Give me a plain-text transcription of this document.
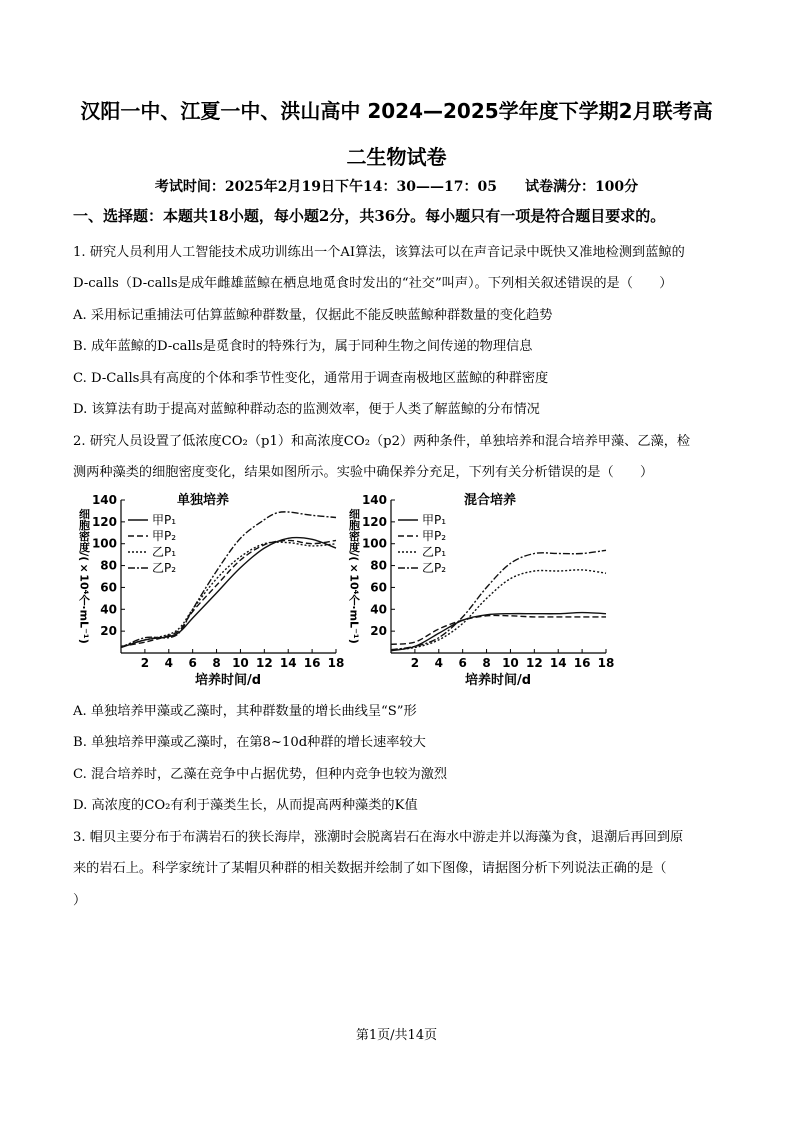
汉阳一中、江夏一中、洪山高中 2024—2025学年度下学期2月联考高
二生物试卷
考试时间：2025年2月19日下午14：30——17：05　　试卷满分：100分
一、选择题：本题共18小题，每小题2分，共36分。每小题只有一项是符合题目要求的。
1. 研究人员利用人工智能技术成功训练出一个AI算法，该算法可以在声音记录中既快又准地检测到蓝鲸的
D-calls（D-calls是成年雌雄蓝鲸在栖息地觅食时发出的“社交”叫声）。下列相关叙述错误的是（　　）
A. 采用标记重捕法可估算蓝鲸种群数量，仅据此不能反映蓝鲸种群数量的变化趋势
B. 成年蓝鲸的D-calls是觅食时的特殊行为，属于同种生物之间传递的物理信息
C. D-Calls具有高度的个体和季节性变化，通常用于调查南极地区蓝鲸的种群密度
D. 该算法有助于提高对蓝鲸种群动态的监测效率，便于人类了解蓝鲸的分布情况
2. 研究人员设置了低浓度CO₂（p1）和高浓度CO₂（p2）两种条件，单独培养和混合培养甲藻、乙藻，检
测两种藻类的细胞密度变化，结果如图所示。实验中确保养分充足，下列有关分析错误的是（　　）
20
40
60
80
100
120
140
2 4 6 8 10 12 14 16 18
甲P₁
甲P₂
乙P₁
乙P₂
单独培养
细胞密度/(×10⁴个·mL⁻¹)
培养时间/d
20
40
60
80
100
120
140
2 4 6 8 10 12 14 16 18
甲P₁
甲P₂
乙P₁
乙P₂
混合培养
细胞密度/(×10⁴个·mL⁻¹)
培养时间/d
A. 单独培养甲藻或乙藻时，其种群数量的增长曲线呈“S”形
B. 单独培养甲藻或乙藻时，在第8~10d种群的增长速率较大
C. 混合培养时，乙藻在竞争中占据优势，但种内竞争也较为激烈
D. 高浓度的CO₂有利于藻类生长，从而提高两种藻类的K值
3. 帽贝主要分布于布满岩石的狭长海岸，涨潮时会脱离岩石在海水中游走并以海藻为食，退潮后再回到原
来的岩石上。科学家统计了某帽贝种群的相关数据并绘制了如下图像，请据图分析下列说法正确的是（
）
第1页/共14页
